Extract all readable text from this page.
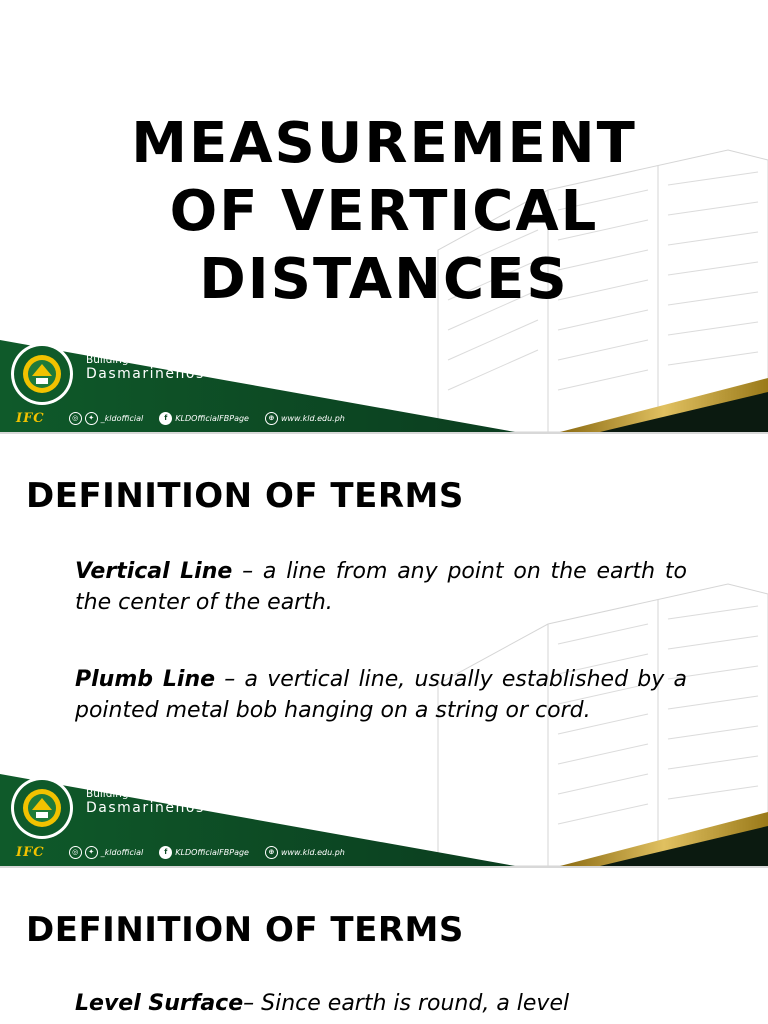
MEASUREMENT
OF VERTICAL
DISTANCES
Building the foundation for the
Dasmarineños
IFC	◎	✦ _kldofficial	f KLDOfficialFBPage	⊕ www.kld.edu.ph
DEFINITION OF TERMS

Vertical Line – a line from any point on the earth to the center of the earth.

Plumb Line – a vertical line, usually established by a pointed metal bob hanging on a string or cord.

Building the foundation for the
Dasmarineños
IFC	◎	✦ _kldofficial	f KLDOfficialFBPage	⊕ www.kld.edu.ph
DEFINITION OF TERMS

Level Surface– Since earth is round, a level
